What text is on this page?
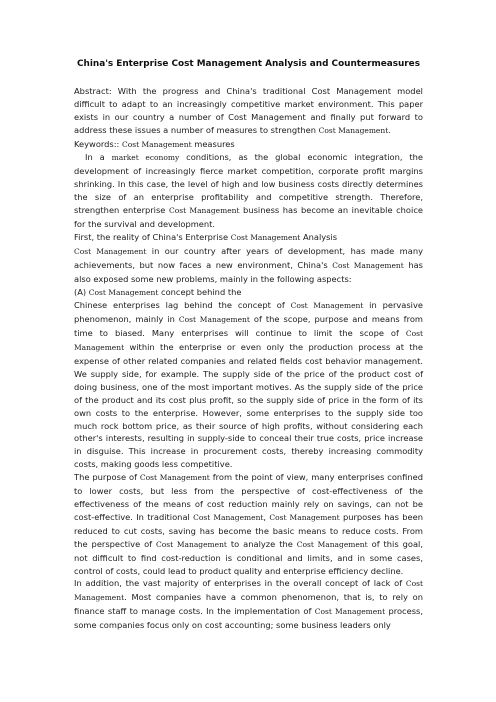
China's Enterprise Cost Management Analysis and Countermeasures

Abstract: With the progress and China's traditional Cost Management model difficult to adapt to an increasingly competitive market environment. This paper exists in our country a number of Cost Management and finally put forward to address these issues a number of measures to strengthen Cost Management.

Keywords:: Cost Management measures

In a market economy conditions, as the global economic integration, the development of increasingly fierce market competition, corporate profit margins shrinking. In this case, the level of high and low business costs directly determines the size of an enterprise profitability and competitive strength. Therefore, strengthen enterprise Cost Management business has become an inevitable choice for the survival and development.

First, the reality of China's Enterprise Cost Management Analysis

Cost Management in our country after years of development, has made many achievements, but now faces a new environment, China's Cost Management has also exposed some new problems, mainly in the following aspects:

(A) Cost Management concept behind the

Chinese enterprises lag behind the concept of Cost Management in pervasive phenomenon, mainly in Cost Management of the scope, purpose and means from time to biased. Many enterprises will continue to limit the scope of Cost Management within the enterprise or even only the production process at the expense of other related companies and related fields cost behavior management. We supply side, for example. The supply side of the price of the product cost of doing business, one of the most important motives. As the supply side of the price of the product and its cost plus profit, so the supply side of price in the form of its own costs to the enterprise. However, some enterprises to the supply side too much rock bottom price, as their source of high profits, without considering each other's interests, resulting in supply-side to conceal their true costs, price increase in disguise. This increase in procurement costs, thereby increasing commodity costs, making goods less competitive.

The purpose of Cost Management from the point of view, many enterprises confined to lower costs, but less from the perspective of cost-effectiveness of the effectiveness of the means of cost reduction mainly rely on savings, can not be cost-effective. In traditional Cost Management, Cost Management purposes has been reduced to cut costs, saving has become the basic means to reduce costs. From the perspective of Cost Management to analyze the Cost Management of this goal, not difficult to find cost-reduction is conditional and limits, and in some cases, control of costs, could lead to product quality and enterprise efficiency decline.

In addition, the vast majority of enterprises in the overall concept of lack of Cost Management. Most companies have a common phenomenon, that is, to rely on finance staff to manage costs. In the implementation of Cost Management process, some companies focus only on cost accounting; some business leaders only
